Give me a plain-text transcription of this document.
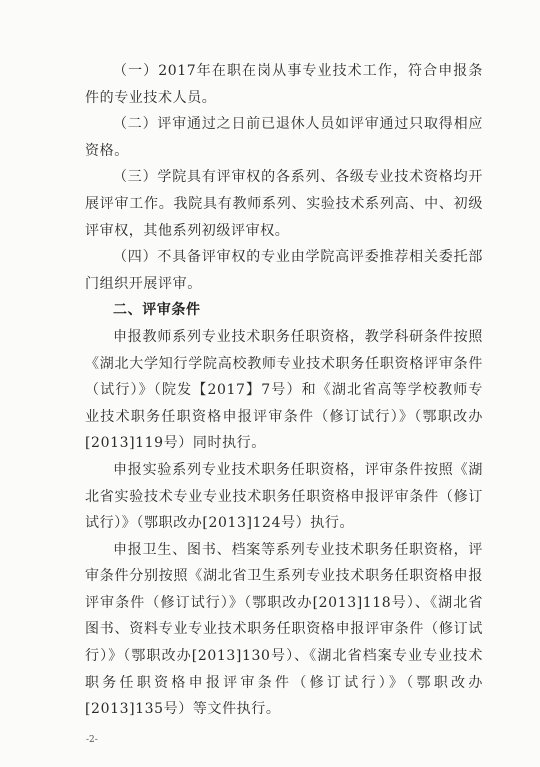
（一）2017年在职在岗从事专业技术工作，符合申报条件的专业技术人员。

（二）评审通过之日前已退休人员如评审通过只取得相应资格。

（三）学院具有评审权的各系列、各级专业技术资格均开展评审工作。我院具有教师系列、实验技术系列高、中、初级评审权，其他系列初级评审权。

（四）不具备评审权的专业由学院高评委推荐相关委托部门组织开展评审。

二、评审条件

申报教师系列专业技术职务任职资格，教学科研条件按照《湖北大学知行学院高校教师专业技术职务任职资格评审条件（试行）》（院发【2017】7号）和《湖北省高等学校教师专业技术职务任职资格申报评审条件（修订试行）》（鄂职改办[2013]119号）同时执行。

申报实验系列专业技术职务任职资格，评审条件按照《湖北省实验技术专业专业技术职务任职资格申报评审条件（修订试行）》（鄂职改办[2013]124号）执行。

申报卫生、图书、档案等系列专业技术职务任职资格，评审条件分别按照《湖北省卫生系列专业技术职务任职资格申报评审条件（修订试行）》（鄂职改办[2013]118号）、《湖北省图书、资料专业专业技术职务任职资格申报评审条件（修订试行）》（鄂职改办[2013]130号）、《湖北省档案专业专业技术职务任职资格申报评审条件（修订试行）》（鄂职改办[2013]135号）等文件执行。

-2-
